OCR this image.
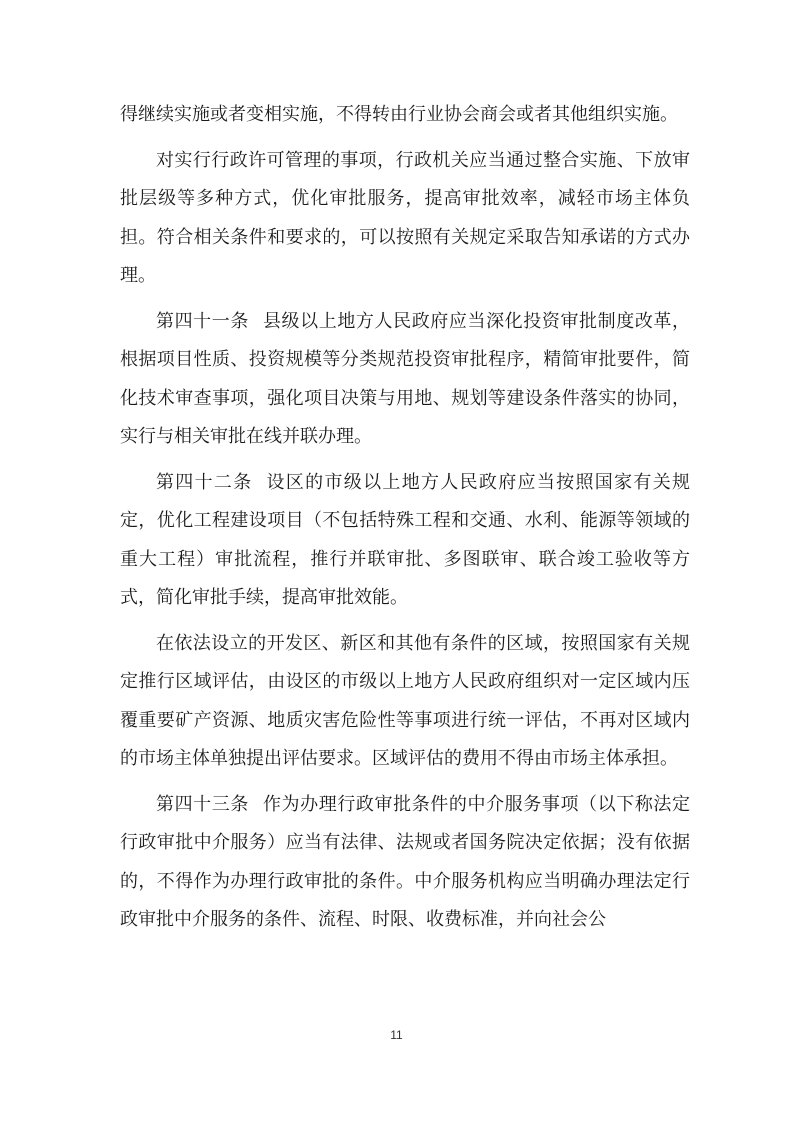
得继续实施或者变相实施，不得转由行业协会商会或者其他组织实施。

对实行行政许可管理的事项，行政机关应当通过整合实施、下放审批层级等多种方式，优化审批服务，提高审批效率，减轻市场主体负担。符合相关条件和要求的，可以按照有关规定采取告知承诺的方式办理。

第四十一条 县级以上地方人民政府应当深化投资审批制度改革，根据项目性质、投资规模等分类规范投资审批程序，精简审批要件，简化技术审查事项，强化项目决策与用地、规划等建设条件落实的协同，实行与相关审批在线并联办理。

第四十二条 设区的市级以上地方人民政府应当按照国家有关规定，优化工程建设项目（不包括特殊工程和交通、水利、能源等领域的重大工程）审批流程，推行并联审批、多图联审、联合竣工验收等方式，简化审批手续，提高审批效能。

在依法设立的开发区、新区和其他有条件的区域，按照国家有关规定推行区域评估，由设区的市级以上地方人民政府组织对一定区域内压覆重要矿产资源、地质灾害危险性等事项进行统一评估，不再对区域内的市场主体单独提出评估要求。区域评估的费用不得由市场主体承担。

第四十三条 作为办理行政审批条件的中介服务事项（以下称法定行政审批中介服务）应当有法律、法规或者国务院决定依据；没有依据的，不得作为办理行政审批的条件。中介服务机构应当明确办理法定行政审批中介服务的条件、流程、时限、收费标准，并向社会公

11
